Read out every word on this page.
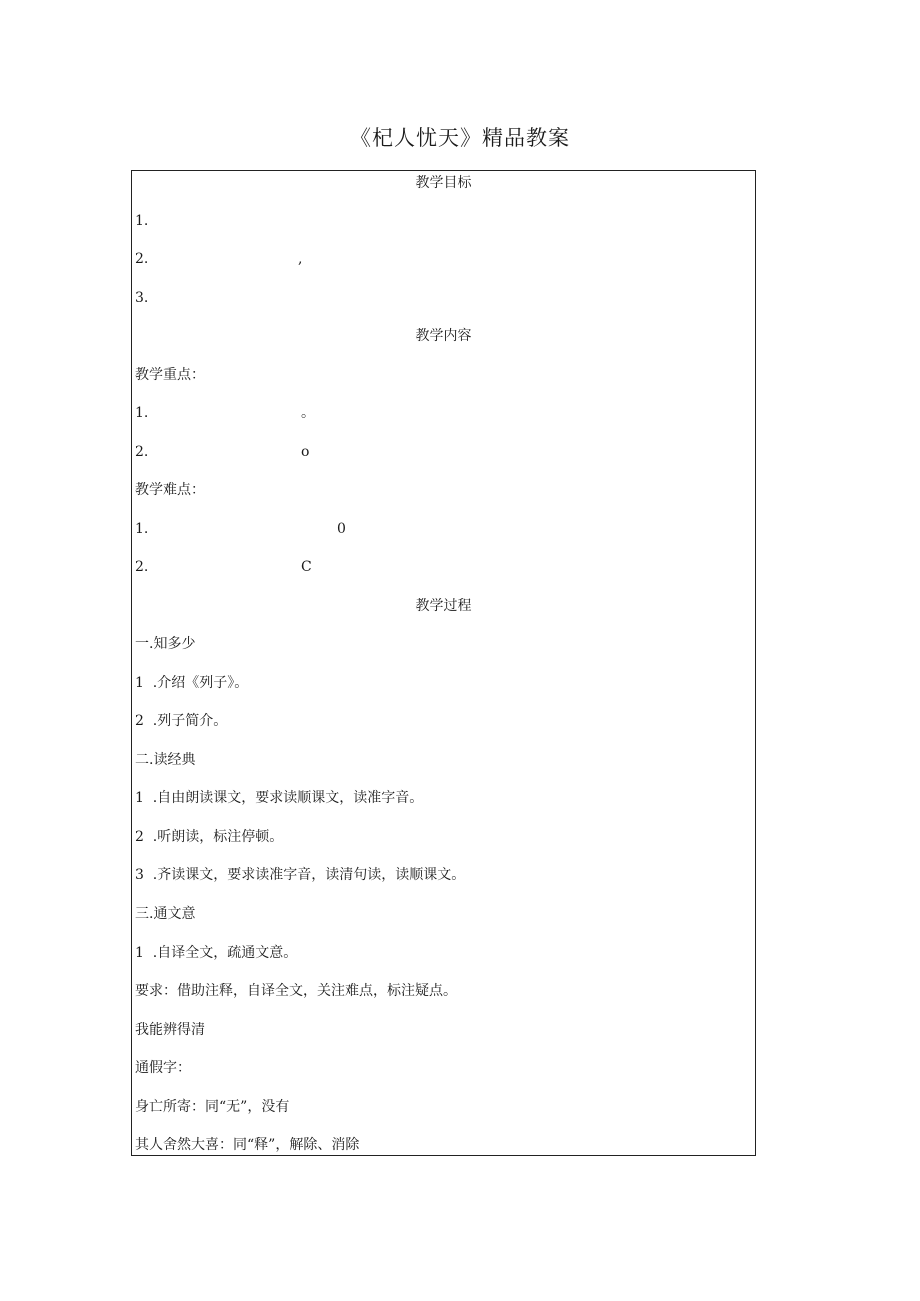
《杞人忧天》精品教案
教学目标
1.
2.	,
3.
教学内容
教学重点：
1.	。
2.	o
教学难点：
1.	0
2.	C
教学过程
一.知多少
1  .介绍《列子》。
2  .列子简介。
二.读经典
1  .自由朗读课文，要求读顺课文，读准字音。
2  .听朗读，标注停顿。
3  .齐读课文，要求读准字音，读清句读，读顺课文。
三.通文意
1  .自译全文，疏通文意。
要求：借助注释，自译全文，关注难点，标注疑点。
我能辨得清
通假字：
身亡所寄：同“无”，没有
其人舍然大喜：同“释”，解除、消除
